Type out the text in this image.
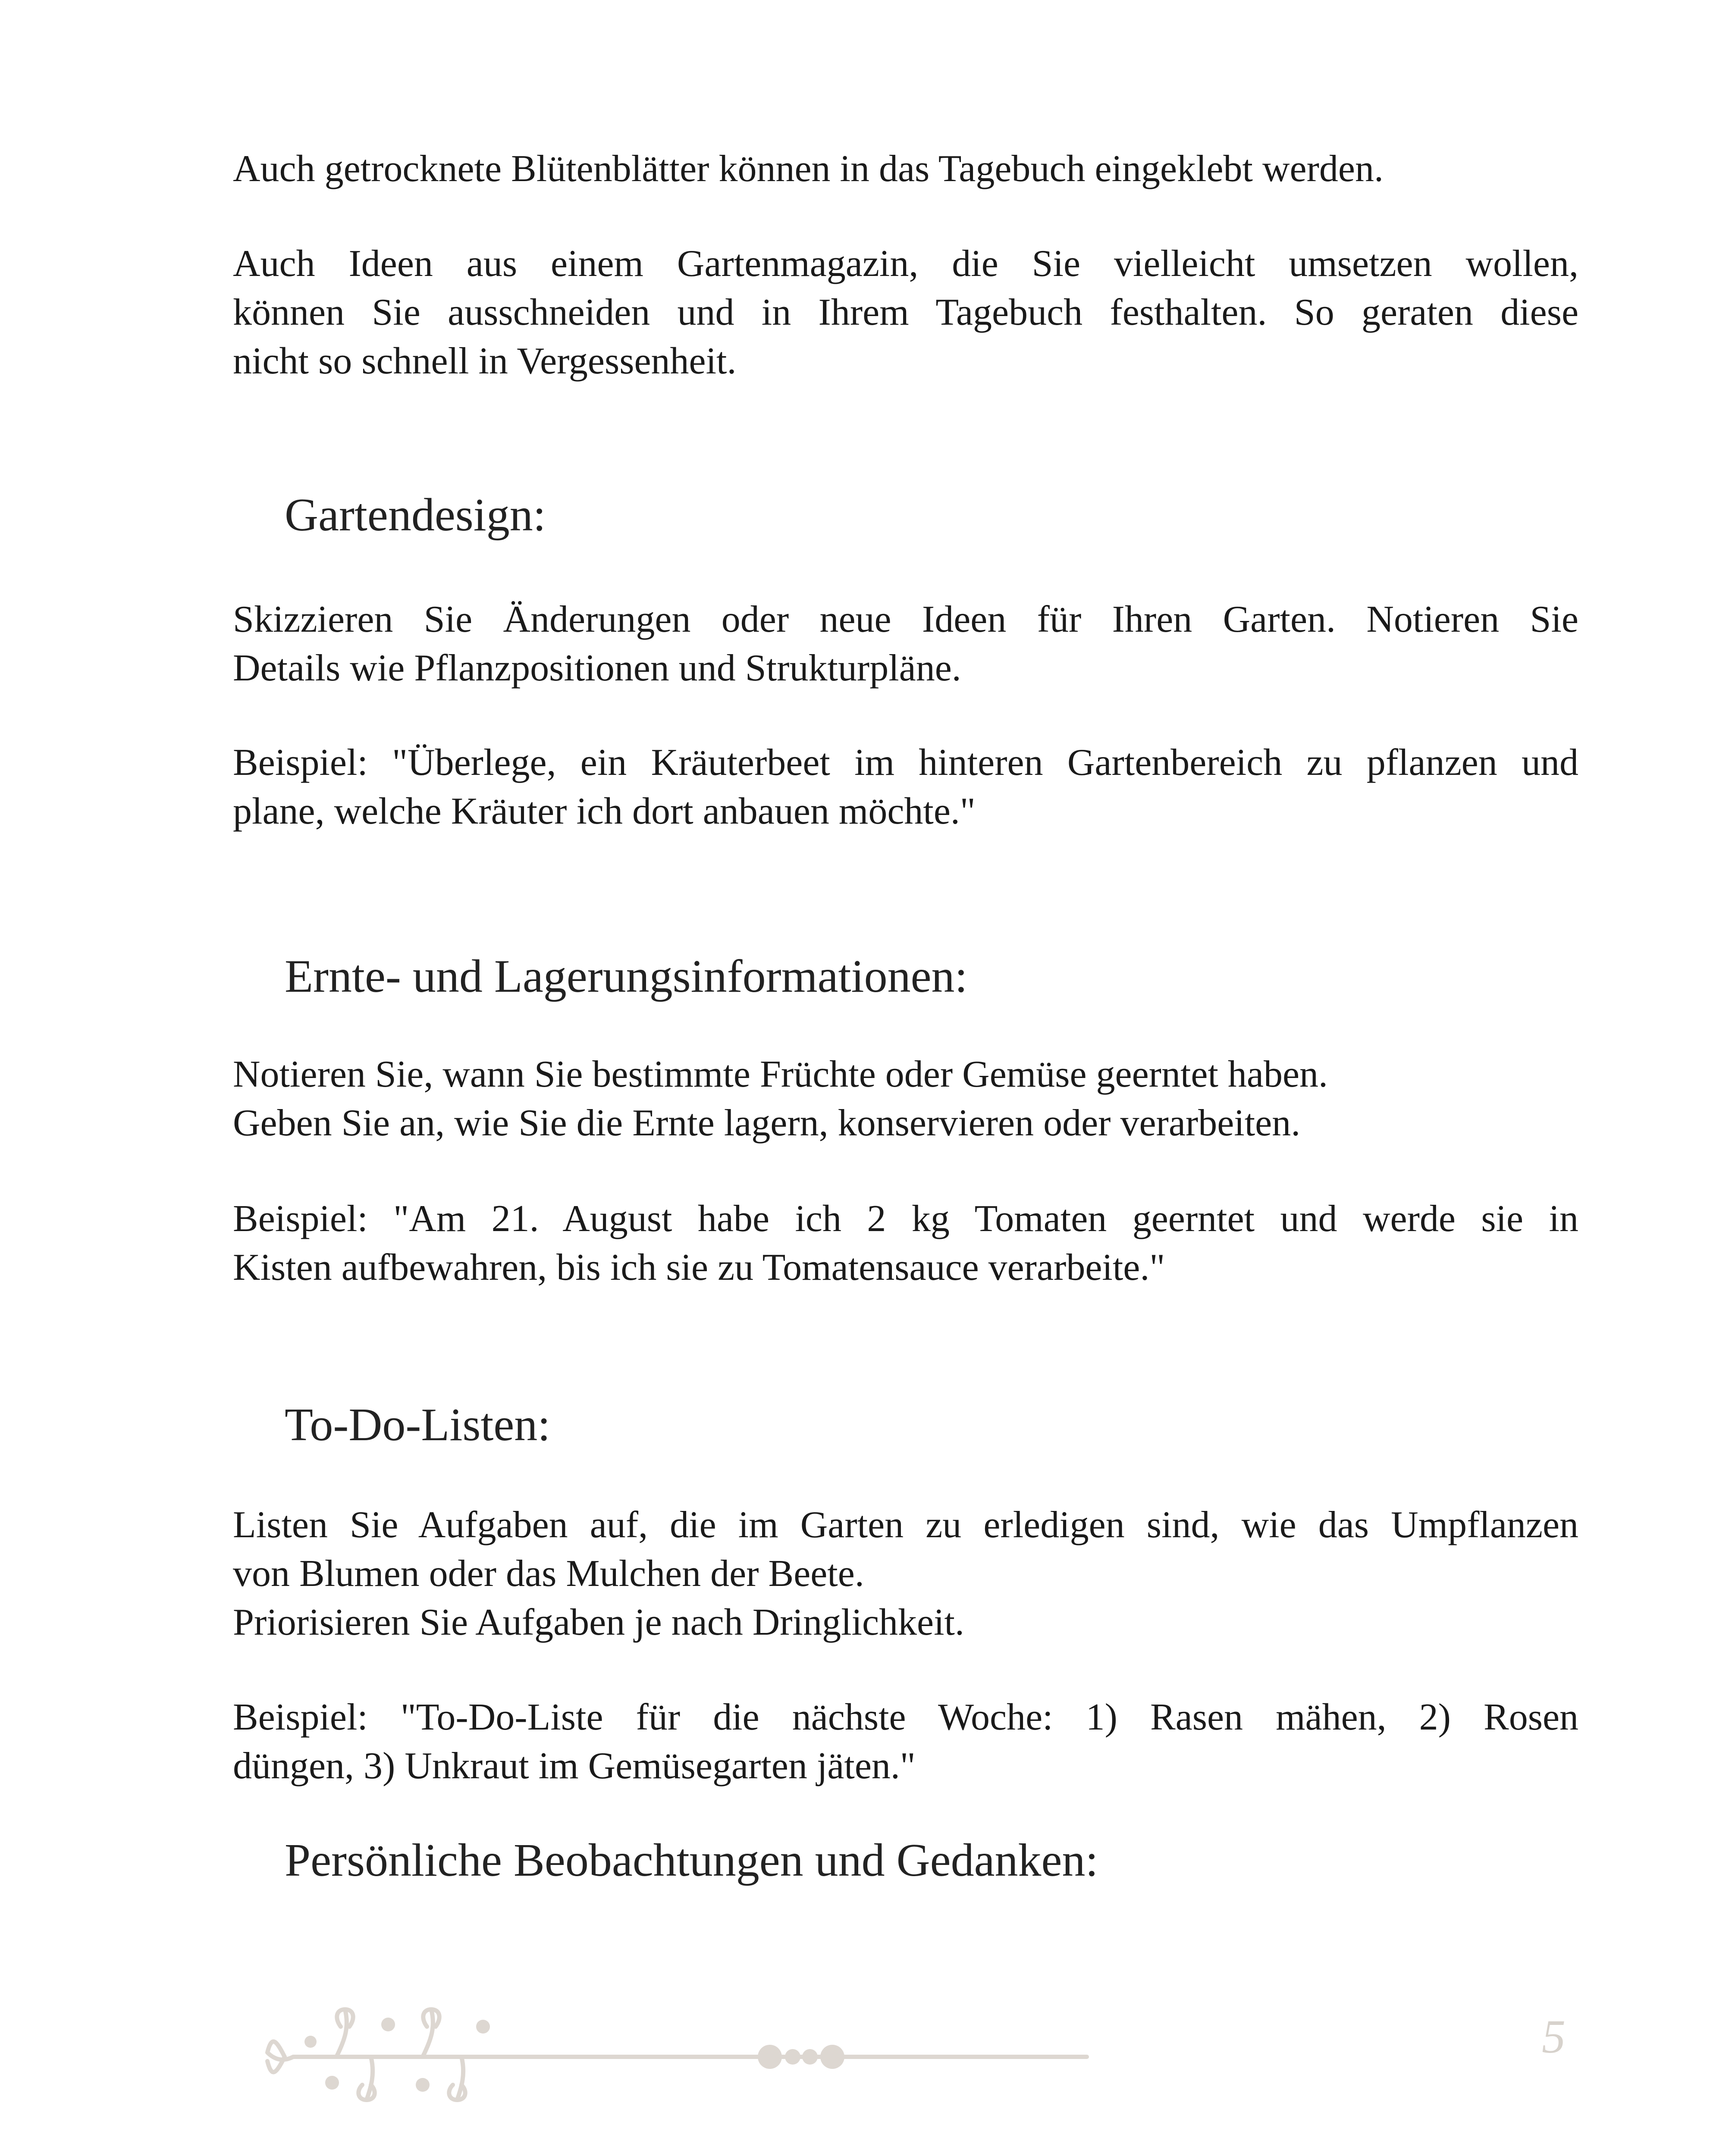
Auch getrocknete Blütenblätter können in das Tagebuch eingeklebt werden.

Auch Ideen aus einem Gartenmagazin, die Sie vielleicht umsetzen wollen,
können Sie ausschneiden und in Ihrem Tagebuch festhalten. So geraten diese
nicht so schnell in Vergessenheit.

Gartendesign:

Skizzieren Sie Änderungen oder neue Ideen für Ihren Garten. Notieren Sie
Details wie Pflanzpositionen und Strukturpläne.

Beispiel: "Überlege, ein Kräuterbeet im hinteren Gartenbereich zu pflanzen und
plane, welche Kräuter ich dort anbauen möchte."

Ernte- und Lagerungsinformationen:

Notieren Sie, wann Sie bestimmte Früchte oder Gemüse geerntet haben.
Geben Sie an, wie Sie die Ernte lagern, konservieren oder verarbeiten.

Beispiel: "Am 21. August habe ich 2 kg Tomaten geerntet und werde sie in
Kisten aufbewahren, bis ich sie zu Tomatensauce verarbeite."

To-Do-Listen:

Listen Sie Aufgaben auf, die im Garten zu erledigen sind, wie das Umpflanzen
von Blumen oder das Mulchen der Beete.
Priorisieren Sie Aufgaben je nach Dringlichkeit.

Beispiel: "To-Do-Liste für die nächste Woche: 1) Rasen mähen, 2) Rosen
düngen, 3) Unkraut im Gemüsegarten jäten."

Persönliche Beobachtungen und Gedanken:
5
